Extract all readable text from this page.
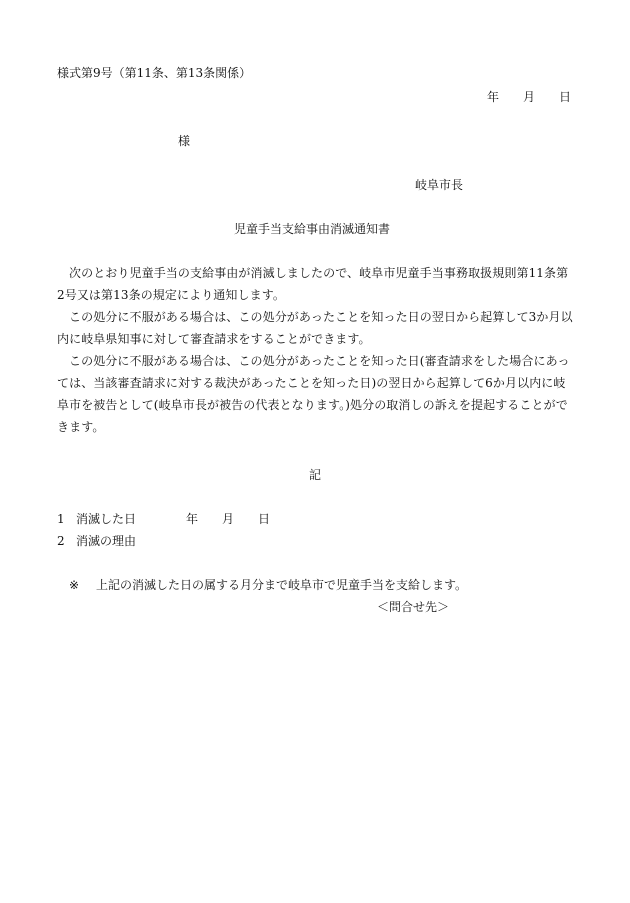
様式第9号（第11条、第13条関係）
年　　月　　日
様
岐阜市長
児童手当支給事由消滅通知書

次のとおり児童手当の支給事由が消滅しましたので、岐阜市児童手当事務取扱規則第11条第2号又は第13条の規定により通知します。

この処分に不服がある場合は、この処分があったことを知った日の翌日から起算して3か月以内に岐阜県知事に対して審査請求をすることができます。

この処分に不服がある場合は、この処分があったことを知った日(審査請求をした場合にあっては、当該審査請求に対する裁決があったことを知った日)の翌日から起算して6か月以内に岐阜市を被告として(岐阜市長が被告の代表となります。)処分の取消しの訴えを提起することができます。

記
1 消滅した日	年　　月　　日
2 消滅の理由
※ 上記の消滅した日の属する月分まで岐阜市で児童手当を支給します。
＜問合せ先＞
